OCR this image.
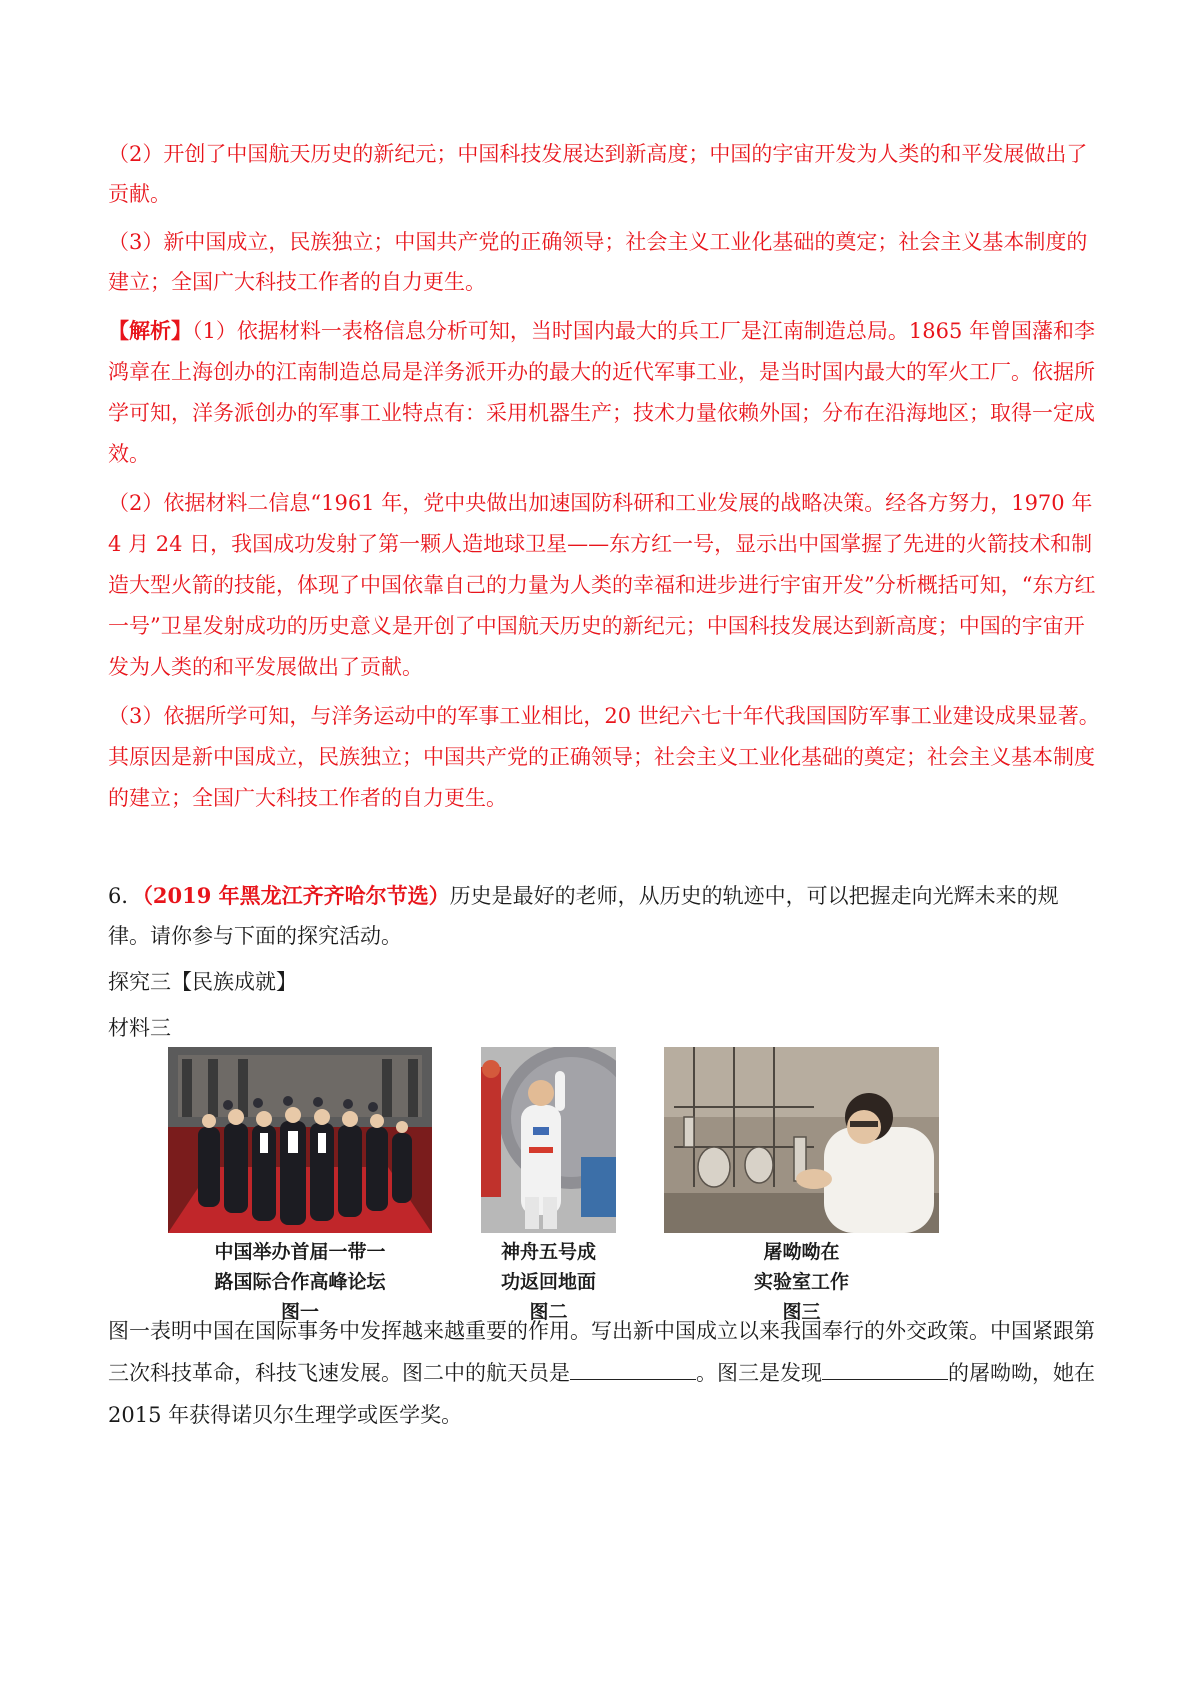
（2）开创了中国航天历史的新纪元；中国科技发展达到新高度；中国的宇宙开发为人类的和平发展做出了贡献。

（3）新中国成立，民族独立；中国共产党的正确领导；社会主义工业化基础的奠定；社会主义基本制度的建立；全国广大科技工作者的自力更生。

【解析】（1）依据材料一表格信息分析可知，当时国内最大的兵工厂是江南制造总局。1865 年曾国藩和李鸿章在上海创办的江南制造总局是洋务派开办的最大的近代军事工业，是当时国内最大的军火工厂。依据所学可知，洋务派创办的军事工业特点有：采用机器生产；技术力量依赖外国；分布在沿海地区；取得一定成效。

（2）依据材料二信息“1961 年，党中央做出加速国防科研和工业发展的战略决策。经各方努力，1970 年 4 月 24 日，我国成功发射了第一颗人造地球卫星——东方红一号，显示出中国掌握了先进的火箭技术和制造大型火箭的技能，体现了中国依靠自己的力量为人类的幸福和进步进行宇宙开发”分析概括可知，“东方红一号”卫星发射成功的历史意义是开创了中国航天历史的新纪元；中国科技发展达到新高度；中国的宇宙开发为人类的和平发展做出了贡献。

（3）依据所学可知，与洋务运动中的军事工业相比，20 世纪六七十年代我国国防军事工业建设成果显著。其原因是新中国成立，民族独立；中国共产党的正确领导；社会主义工业化基础的奠定；社会主义基本制度的建立；全国广大科技工作者的自力更生。

6．（2019 年黑龙江齐齐哈尔节选）历史是最好的老师，从历史的轨迹中，可以把握走向光辉未来的规律。请你参与下面的探究活动。

探究三【民族成就】

材料三

中国举办首届一带一
路国际合作高峰论坛
图一
神舟五号成
功返回地面
图二
屠呦呦在
实验室工作
图三

图一表明中国在国际事务中发挥越来越重要的作用。写出新中国成立以来我国奉行的外交政策。中国紧跟第三次科技革命，科技飞速发展。图二中的航天员是	。图三是发现	的屠呦呦，她在 2015 年获得诺贝尔生理学或医学奖。
